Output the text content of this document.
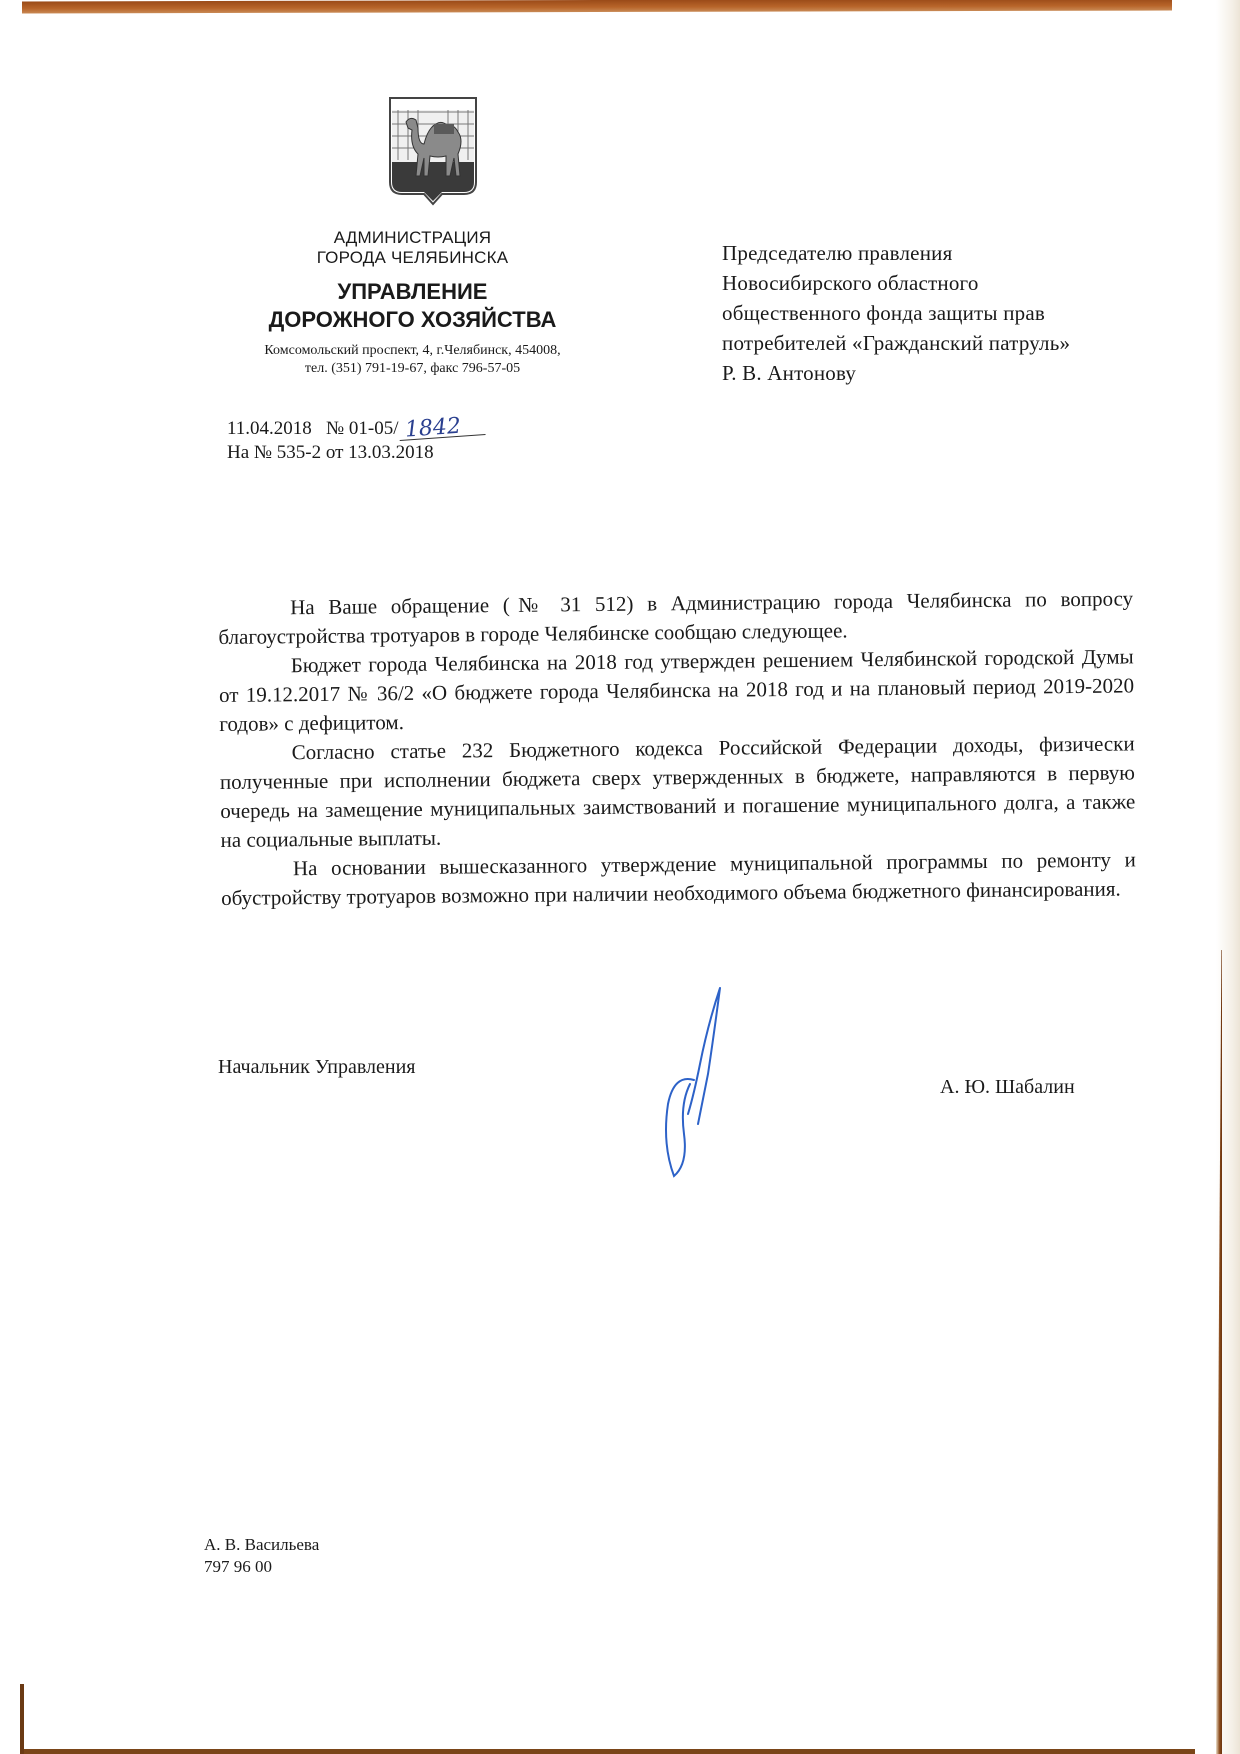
АДМИНИСТРАЦИЯ
ГОРОДА ЧЕЛЯБИНСКА
УПРАВЛЕНИЕ
ДОРОЖНОГО ХОЗЯЙСТВА
Комсомольский проспект, 4, г.Челябинск, 454008,
тел. (351) 791-19-67, факс 796-57-05
11.04.2018 № 01-05/ 1842
На № 535-2 от 13.03.2018
Председателю правления
Новосибирского областного
общественного фонда защиты прав
потребителей «Гражданский патруль»
Р. В. Антонову

На Ваше обращение (№ 31 512) в Администрацию города Челябинска по вопросу благоустройства тротуаров в городе Челябинске сообщаю следующее.

Бюджет города Челябинска на 2018 год утвержден решением Челябинской городской Думы от 19.12.2017 № 36/2 «О бюджете города Челябинска на 2018 год и на плановый период 2019-2020 годов» с дефицитом.

Согласно статье 232 Бюджетного кодекса Российской Федерации доходы, физически полученные при исполнении бюджета сверх утвержденных в бюджете, направляются в первую очередь на замещение муниципальных заимствований и погашение муниципального долга, а также на социальные выплаты.

На основании вышесказанного утверждение муниципальной программы по ремонту и обустройству тротуаров возможно при наличии необходимого объема бюджетного финансирования.

Начальник Управления
А. Ю. Шабалин
А. В. Васильева
797 96 00
